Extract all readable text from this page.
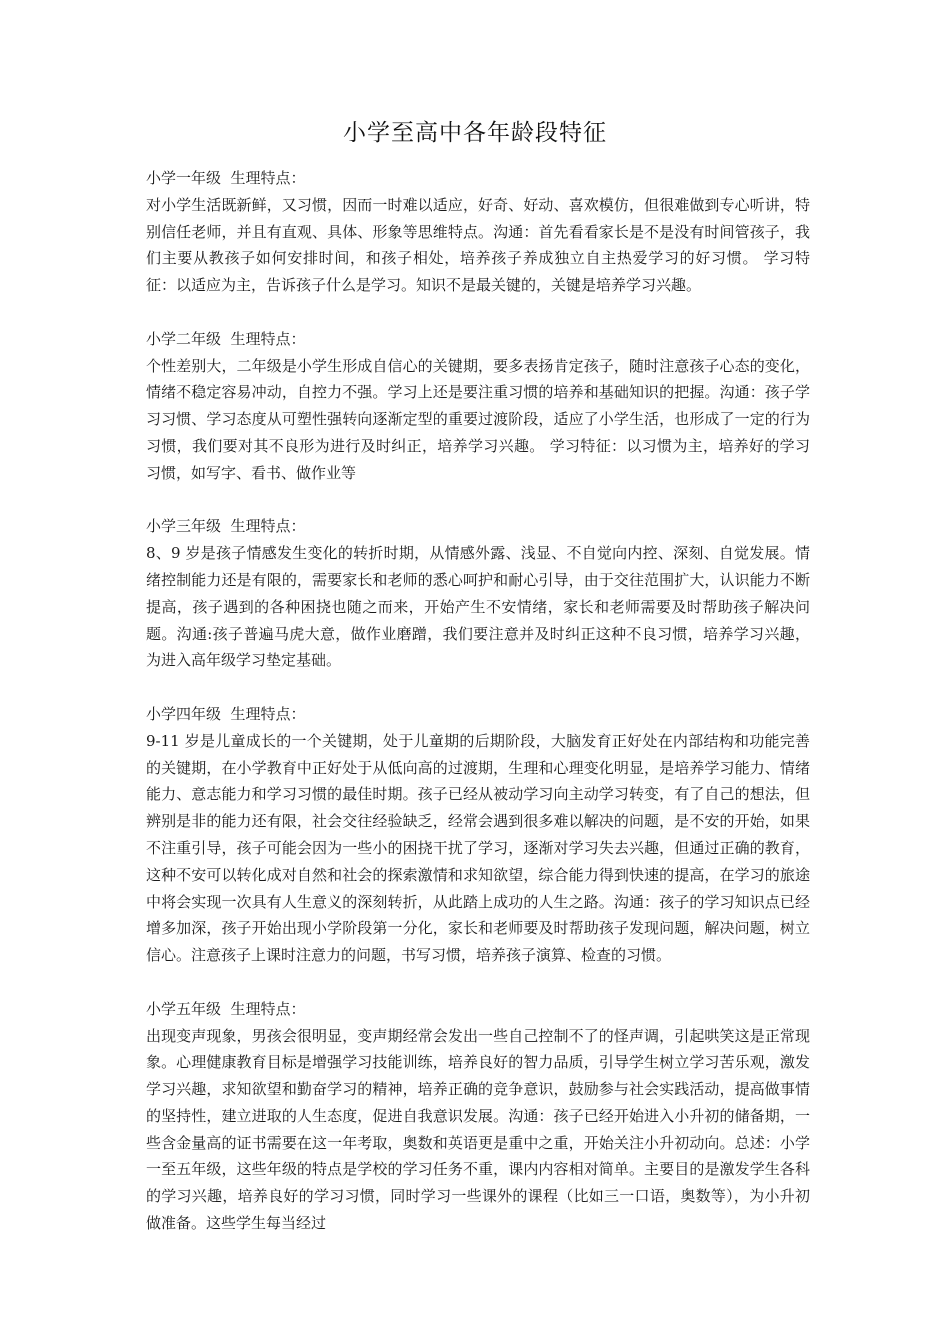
小学至高中各年龄段特征

小学一年级  生理特点：

对小学生活既新鲜，又习惯，因而一时难以适应，好奇、好动、喜欢模仿，但很难做到专心听讲，特别信任老师，并且有直观、具体、形象等思维特点。沟通：首先看看家长是不是没有时间管孩子，我们主要从教孩子如何安排时间，和孩子相处，培养孩子养成独立自主热爱学习的好习惯。 学习特征：以适应为主，告诉孩子什么是学习。知识不是最关键的，关键是培养学习兴趣。

小学二年级  生理特点：

个性差别大，二年级是小学生形成自信心的关键期，要多表扬肯定孩子，随时注意孩子心态的变化，情绪不稳定容易冲动，自控力不强。学习上还是要注重习惯的培养和基础知识的把握。沟通：孩子学习习惯、学习态度从可塑性强转向逐渐定型的重要过渡阶段，适应了小学生活，也形成了一定的行为习惯，我们要对其不良形为进行及时纠正，培养学习兴趣。 学习特征：以习惯为主，培养好的学习习惯，如写字、看书、做作业等

小学三年级  生理特点：

8、9 岁是孩子情感发生变化的转折时期，从情感外露、浅显、不自觉向内控、深刻、自觉发展。情绪控制能力还是有限的，需要家长和老师的悉心呵护和耐心引导，由于交往范围扩大，认识能力不断提高，孩子遇到的各种困挠也随之而来，开始产生不安情绪，家长和老师需要及时帮助孩子解决问题。沟通:孩子普遍马虎大意，做作业磨蹭，我们要注意并及时纠正这种不良习惯，培养学习兴趣，为进入高年级学习垫定基础。

小学四年级  生理特点：

9-11 岁是儿童成长的一个关键期，处于儿童期的后期阶段，大脑发育正好处在内部结构和功能完善的关键期，在小学教育中正好处于从低向高的过渡期，生理和心理变化明显，是培养学习能力、情绪能力、意志能力和学习习惯的最佳时期。孩子已经从被动学习向主动学习转变，有了自己的想法，但辨别是非的能力还有限，社会交往经验缺乏，经常会遇到很多难以解决的问题，是不安的开始，如果不注重引导，孩子可能会因为一些小的困挠干扰了学习，逐渐对学习失去兴趣，但通过正确的教育，这种不安可以转化成对自然和社会的探索激情和求知欲望，综合能力得到快速的提高，在学习的旅途中将会实现一次具有人生意义的深刻转折，从此踏上成功的人生之路。沟通：孩子的学习知识点已经增多加深，孩子开始出现小学阶段第一分化，家长和老师要及时帮助孩子发现问题，解决问题，树立信心。注意孩子上课时注意力的问题，书写习惯，培养孩子演算、检查的习惯。

小学五年级  生理特点：

出现变声现象，男孩会很明显，变声期经常会发出一些自己控制不了的怪声调，引起哄笑这是正常现象。心理健康教育目标是增强学习技能训练，培养良好的智力品质，引导学生树立学习苦乐观，激发学习兴趣，求知欲望和勤奋学习的精神，培养正确的竞争意识，鼓励参与社会实践活动，提高做事情的坚持性，建立进取的人生态度，促进自我意识发展。沟通：孩子已经开始进入小升初的储备期，一些含金量高的证书需要在这一年考取，奥数和英语更是重中之重，开始关注小升初动向。总述：小学一至五年级，这些年级的特点是学校的学习任务不重，课内内容相对简单。主要目的是激发学生各科的学习兴趣，培养良好的学习习惯，同时学习一些课外的课程（比如三一口语，奥数等），为小升初做准备。这些学生每当经过
